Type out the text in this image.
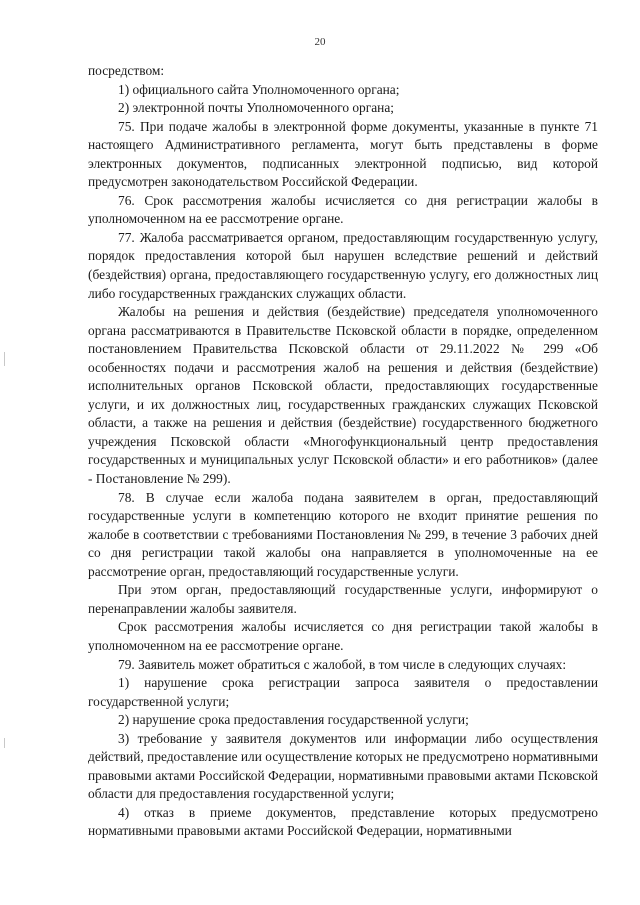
20

посредством:

1) официального сайта Уполномоченного органа;

2) электронной почты Уполномоченного органа;

75. При подаче жалобы в электронной форме документы, указанные в пункте 71 настоящего Административного регламента, могут быть представлены в форме электронных документов, подписанных электронной подписью, вид которой предусмотрен законодательством Российской Федерации.

76. Срок рассмотрения жалобы исчисляется со дня регистрации жалобы в уполномоченном на ее рассмотрение органе.

77. Жалоба рассматривается органом, предоставляющим государственную услугу, порядок предоставления которой был нарушен вследствие решений и действий (бездействия) органа, предоставляющего государственную услугу, его должностных лиц либо государственных гражданских служащих области.

Жалобы на решения и действия (бездействие) председателя уполномоченного органа рассматриваются в Правительстве Псковской области в порядке, определенном постановлением Правительства Псковской области от 29.11.2022 № 299 «Об особенностях подачи и рассмотрения жалоб на решения и действия (бездействие) исполнительных органов Псковской области, предоставляющих государственные услуги, и их должностных лиц, государственных гражданских служащих Псковской области, а также на решения и действия (бездействие) государственного бюджетного учреждения Псковской области «Многофункциональный центр предоставления государственных и муниципальных услуг Псковской области» и его работников» (далее - Постановление № 299).

78. В случае если жалоба подана заявителем в орган, предоставляющий государственные услуги в компетенцию которого не входит принятие решения по жалобе в соответствии с требованиями Постановления № 299, в течение 3 рабочих дней со дня регистрации такой жалобы она направляется в уполномоченные на ее рассмотрение орган, предоставляющий государственные услуги.

При этом орган, предоставляющий государственные услуги, информируют о перенаправлении жалобы заявителя.

Срок рассмотрения жалобы исчисляется со дня регистрации такой жалобы в уполномоченном на ее рассмотрение органе.

79. Заявитель может обратиться с жалобой, в том числе в следующих случаях:

1) нарушение срока регистрации запроса заявителя о предоставлении государственной услуги;

2) нарушение срока предоставления государственной услуги;

3) требование у заявителя документов или информации либо осуществления действий, предоставление или осуществление которых не предусмотрено нормативными правовыми актами Российской Федерации, нормативными правовыми актами Псковской области для предоставления государственной услуги;

4) отказ в приеме документов, представление которых предусмотрено нормативными правовыми актами Российской Федерации, нормативными
